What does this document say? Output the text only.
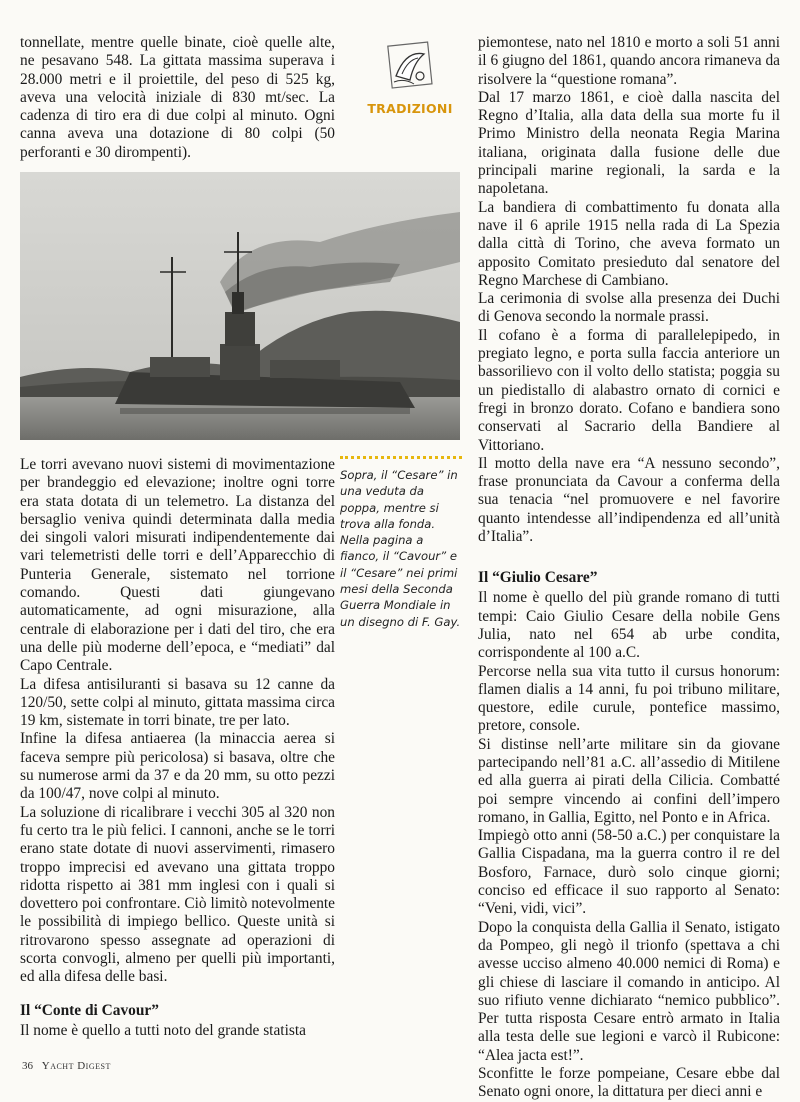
tonnellate, mentre quelle binate, cioè quelle alte, ne pesavano 548. La gittata massima superava i 28.000 metri e il proiettile, del peso di 525 kg, aveva una velocità iniziale di 830 mt/sec. La cadenza di tiro era di due colpi al minuto. Ogni canna aveva una dotazione di 80 colpi (50 perforanti e 30 dirompenti).

TRADIZIONI

Sopra, il “Cesare” in una veduta da poppa, mentre si trova alla fonda. Nella pagina a fianco, il “Cavour” e il “Cesare” nei primi mesi della Seconda Guerra Mondiale in un disegno di F. Gay.

Le torri avevano nuovi sistemi di movimentazione per brandeggio ed elevazione; inoltre ogni torre era stata dotata di un telemetro. La distanza del bersaglio veniva quindi determinata dalla media dei singoli valori misurati indipendentemente dai vari telemetristi delle torri e dell’Apparecchio di Punteria Generale, sistemato nel torrione comando. Questi dati giungevano automaticamente, ad ogni misurazione, alla centrale di elaborazione per i dati del tiro, che era una delle più moderne dell’epoca, e “mediati” dal Capo Centrale.

La difesa antisiluranti si basava su 12 canne da 120/50, sette colpi al minuto, gittata massima circa 19 km, sistemate in torri binate, tre per lato.

Infine la difesa antiaerea (la minaccia aerea si faceva sempre più pericolosa) si basava, oltre che su numerose armi da 37 e da 20 mm, su otto pezzi da 100/47, nove colpi al minuto.

La soluzione di ricalibrare i vecchi 305 al 320 non fu certo tra le più felici. I cannoni, anche se le torri erano state dotate di nuovi asservimenti, rimasero troppo imprecisi ed avevano una gittata troppo ridotta rispetto ai 381 mm inglesi con i quali si dovettero poi confrontare. Ciò limitò notevolmente le possibilità di impiego bellico. Queste unità si ritrovarono spesso assegnate ad operazioni di scorta convogli, almeno per quelli più importanti, ed alla difesa delle basi.

Il “Conte di Cavour”

Il nome è quello a tutti noto del grande statista

piemontese, nato nel 1810 e morto a soli 51 anni il 6 giugno del 1861, quando ancora rimaneva da risolvere la “questione romana”.

Dal 17 marzo 1861, e cioè dalla nascita del Regno d’Italia, alla data della sua morte fu il Primo Ministro della neonata Regia Marina italiana, originata dalla fusione delle due principali marine regionali, la sarda e la napoletana.

La bandiera di combattimento fu donata alla nave il 6 aprile 1915 nella rada di La Spezia dalla città di Torino, che aveva formato un apposito Comitato presieduto dal senatore del Regno Marchese di Cambiano.

La cerimonia di svolse alla presenza dei Duchi di Genova secondo la normale prassi.

Il cofano è a forma di parallelepipedo, in pregiato legno, e porta sulla faccia anteriore un bassorilievo con il volto dello statista; poggia su un piedistallo di alabastro ornato di cornici e fregi in bronzo dorato. Cofano e bandiera sono conservati al Sacrario della Bandiere al Vittoriano.

Il motto della nave era “A nessuno secondo”, frase pronunciata da Cavour a conferma della sua tenacia “nel promuovere e nel favorire quanto intendesse all’indipendenza ed all’unità d’Italia”.

Il “Giulio Cesare”

Il nome è quello del più grande romano di tutti tempi: Caio Giulio Cesare della nobile Gens Julia, nato nel 654 ab urbe condita, corrispondente al 100 a.C.

Percorse nella sua vita tutto il cursus honorum: flamen dialis a 14 anni, fu poi tribuno militare, questore, edile curule, pontefice massimo, pretore, console.

Si distinse nell’arte militare sin da giovane partecipando nell’81 a.C. all’assedio di Mitilene ed alla guerra ai pirati della Cilicia. Combatté poi sempre vincendo ai confini dell’impero romano, in Gallia, Egitto, nel Ponto e in Africa.

Impiegò otto anni (58-50 a.C.) per conquistare la Gallia Cispadana, ma la guerra contro il re del Bosforo, Farnace, durò solo cinque giorni; conciso ed efficace il suo rapporto al Senato: “Veni, vidi, vici”.

Dopo la conquista della Gallia il Senato, istigato da Pompeo, gli negò il trionfo (spettava a chi avesse ucciso almeno 40.000 nemici di Roma) e gli chiese di lasciare il comando in anticipo. Al suo rifiuto venne dichiarato “nemico pubblico”. Per tutta risposta Cesare entrò armato in Italia alla testa delle sue legioni e varcò il Rubicone: “Alea jacta est!”.

Sconfitte le forze pompeiane, Cesare ebbe dal Senato ogni onore, la dittatura per dieci anni e

36 Yacht Digest
